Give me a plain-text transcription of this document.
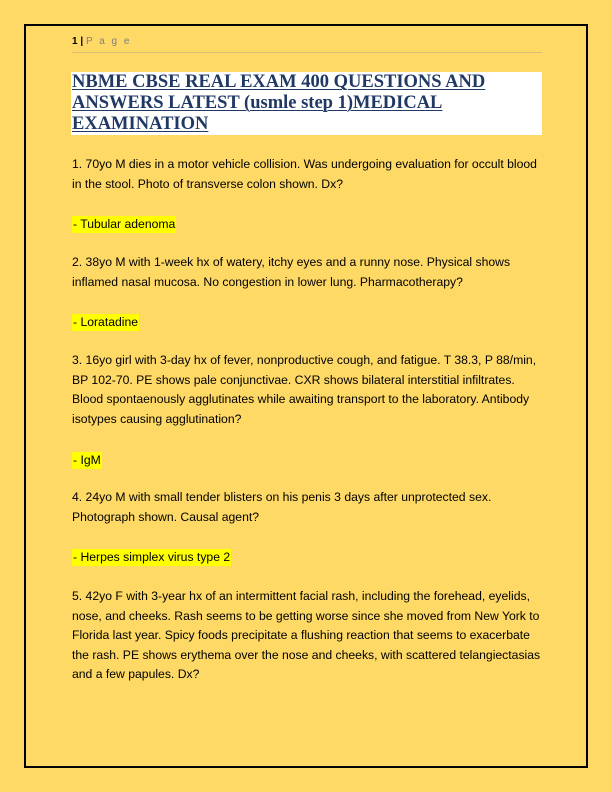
1 | P a g e
NBME CBSE REAL EXAM 400 QUESTIONS AND ANSWERS LATEST (usmle step 1)MEDICAL EXAMINATION
1. 70yo M dies in a motor vehicle collision. Was undergoing evaluation for occult blood in the stool. Photo of transverse colon shown. Dx?
- Tubular adenoma
2. 38yo M with 1-week hx of watery, itchy eyes and a runny nose. Physical shows inflamed nasal mucosa. No congestion in lower lung. Pharmacotherapy?
- Loratadine
3. 16yo girl with 3-day hx of fever, nonproductive cough, and fatigue. T 38.3, P 88/min, BP 102-70. PE shows pale conjunctivae. CXR shows bilateral interstitial infiltrates. Blood spontaenously agglutinates while awaiting transport to the laboratory. Antibody isotypes causing agglutination?
- IgM
4. 24yo M with small tender blisters on his penis 3 days after unprotected sex. Photograph shown. Causal agent?
- Herpes simplex virus type 2
5. 42yo F with 3-year hx of an intermittent facial rash, including the forehead, eyelids, nose, and cheeks. Rash seems to be getting worse since she moved from New York to Florida last year. Spicy foods precipitate a flushing reaction that seems to exacerbate the rash. PE shows erythema over the nose and cheeks, with scattered telangiectasias and a few papules. Dx?
